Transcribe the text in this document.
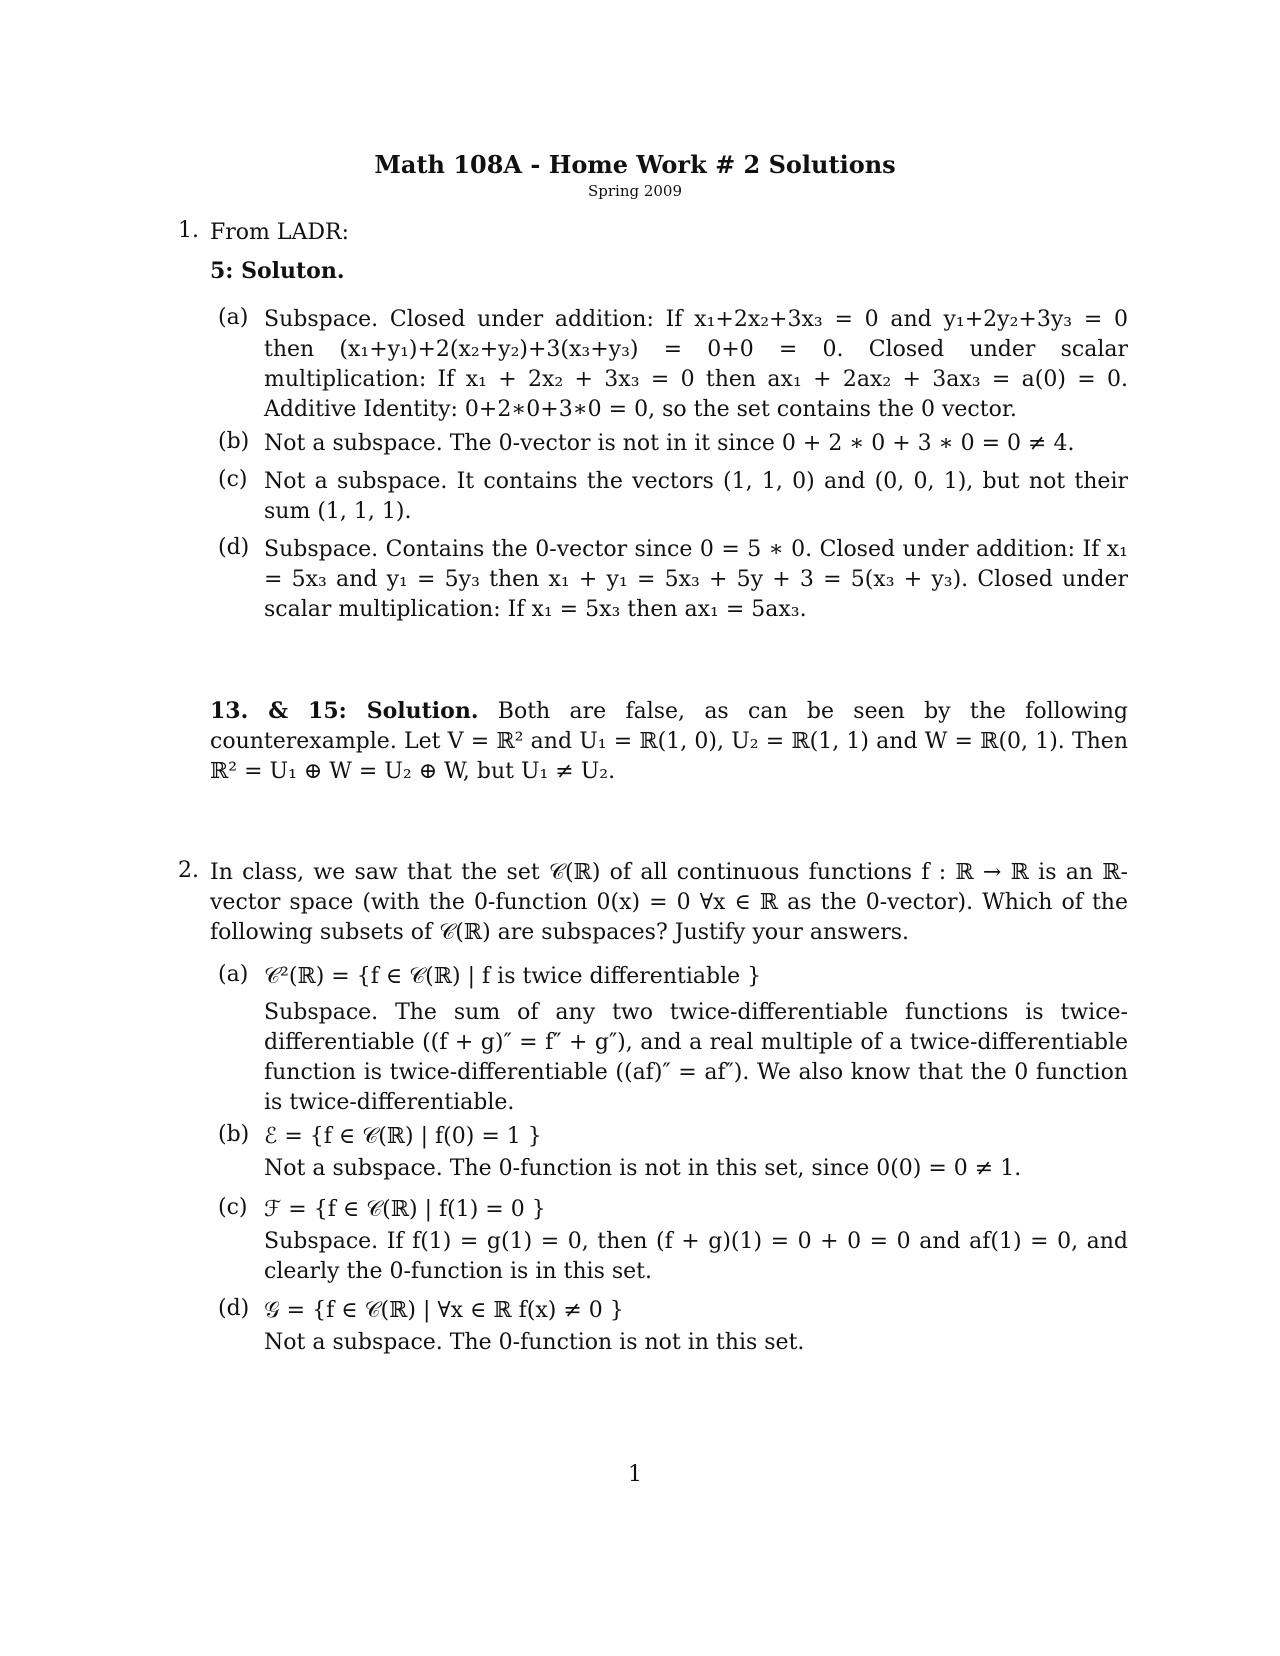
Math 108A - Home Work # 2 Solutions
Spring 2009
1. From LADR:

5: Soluton.

(a) Subspace. Closed under addition: If x₁+2x₂+3x₃ = 0 and y₁+2y₂+3y₃ = 0 then (x₁+y₁)+2(x₂+y₂)+3(x₃+y₃) = 0+0 = 0. Closed under scalar multiplication: If x₁ + 2x₂ + 3x₃ = 0 then ax₁ + 2ax₂ + 3ax₃ = a(0) = 0. Additive Identity: 0+2∗0+3∗0 = 0, so the set contains the 0 vector.

(b) Not a subspace. The 0-vector is not in it since 0 + 2 ∗ 0 + 3 ∗ 0 = 0 ≠ 4.

(c) Not a subspace. It contains the vectors (1, 1, 0) and (0, 0, 1), but not their sum (1, 1, 1).

(d) Subspace. Contains the 0-vector since 0 = 5 ∗ 0. Closed under addition: If x₁ = 5x₃ and y₁ = 5y₃ then x₁ + y₁ = 5x₃ + 5y + 3 = 5(x₃ + y₃). Closed under scalar multiplication: If x₁ = 5x₃ then ax₁ = 5ax₃.

13. & 15: Solution. Both are false, as can be seen by the following counterexample. Let V = ℝ² and U₁ = ℝ(1, 0), U₂ = ℝ(1, 1) and W = ℝ(0, 1). Then ℝ² = U₁ ⊕ W = U₂ ⊕ W, but U₁ ≠ U₂.

2. In class, we saw that the set 𝒞(ℝ) of all continuous functions f : ℝ → ℝ is an ℝ-vector space (with the 0-function 0(x) = 0 ∀x ∈ ℝ as the 0-vector). Which of the following subsets of 𝒞(ℝ) are subspaces? Justify your answers.

(a) 𝒞²(ℝ) = {f ∈ 𝒞(ℝ) | f is twice differentiable }

Subspace. The sum of any two twice-differentiable functions is twice-differentiable ((f + g)″ = f″ + g″), and a real multiple of a twice-differentiable function is twice-differentiable ((af)″ = af″). We also know that the 0 function is twice-differentiable.

(b) ℰ = {f ∈ 𝒞(ℝ) | f(0) = 1 }

Not a subspace. The 0-function is not in this set, since 0(0) = 0 ≠ 1.

(c) ℱ = {f ∈ 𝒞(ℝ) | f(1) = 0 }

Subspace. If f(1) = g(1) = 0, then (f + g)(1) = 0 + 0 = 0 and af(1) = 0, and clearly the 0-function is in this set.

(d) 𝒢 = {f ∈ 𝒞(ℝ) | ∀x ∈ ℝ f(x) ≠ 0 }

Not a subspace. The 0-function is not in this set.

1
